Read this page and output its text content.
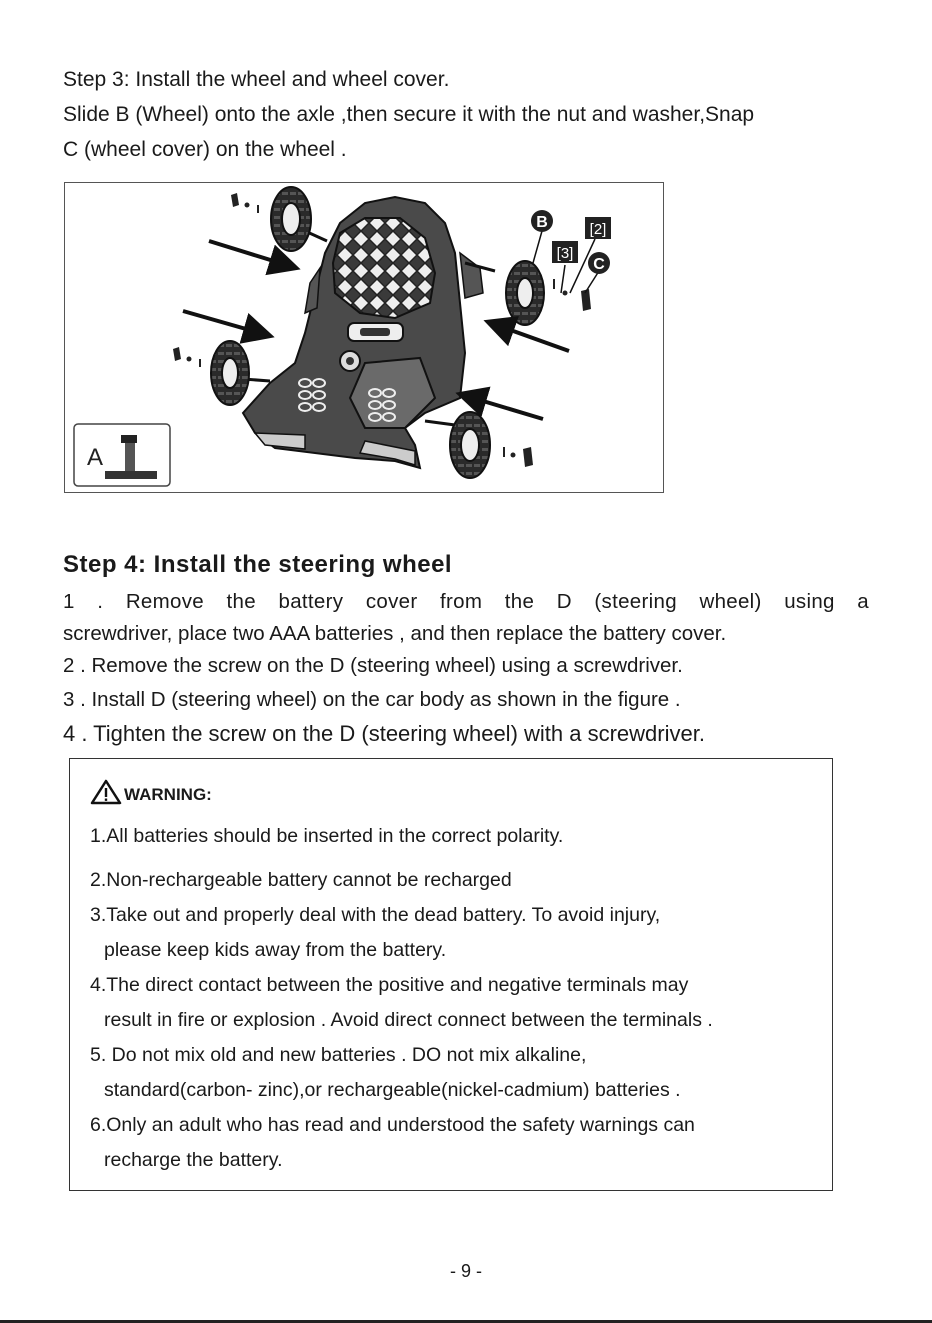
Step 3: Install the wheel and wheel cover.

Slide B (Wheel) onto the axle ,then secure it with the nut and washer,Snap

C (wheel cover) on the wheel .

B
C
[2]
[3]
A
Step 4: Install the steering wheel

1 . Remove the battery cover from the D (steering wheel) using a

screwdriver, place two AAA batteries , and then replace the battery cover.

2 . Remove the screw on the D (steering wheel) using a screwdriver.

3 . Install D (steering wheel) on the car body as shown in the figure .

4 . Tighten the screw on the D (steering wheel) with a screwdriver.

WARNING:
1.All batteries should be inserted in the correct polarity.
2.Non-rechargeable battery cannot be recharged
3.Take out and properly deal with the dead battery. To avoid injury,
please keep kids away from the battery.
4.The direct contact between the positive and negative terminals may
result in fire or explosion . Avoid direct connect between the terminals .
5. Do not mix old and new batteries . DO not mix alkaline,
standard(carbon- zinc),or rechargeable(nickel-cadmium) batteries .
6.Only an adult who has read and understood the safety warnings can
recharge the battery.
- 9 -
